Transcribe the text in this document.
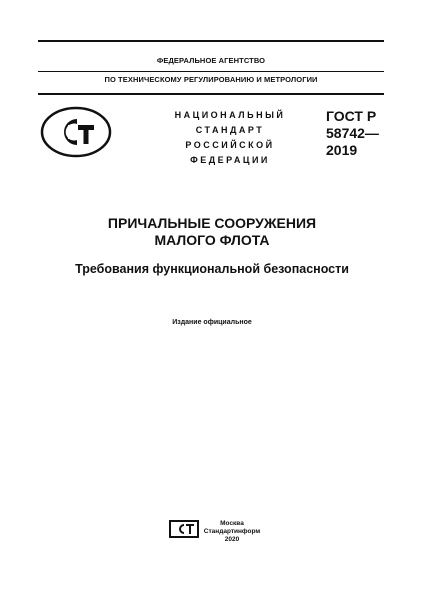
ФЕДЕРАЛЬНОЕ АГЕНТСТВО
ПО ТЕХНИЧЕСКОМУ РЕГУЛИРОВАНИЮ И МЕТРОЛОГИИ
НАЦИОНАЛЬНЫЙ
СТАНДАРТ
РОССИЙСКОЙ
ФЕДЕРАЦИИ
ГОСТ Р
58742—
2019
ПРИЧАЛЬНЫЕ СООРУЖЕНИЯ
МАЛОГО ФЛОТА
Требования функциональной безопасности
Издание официальное
Москва
Стандартинформ
2020
